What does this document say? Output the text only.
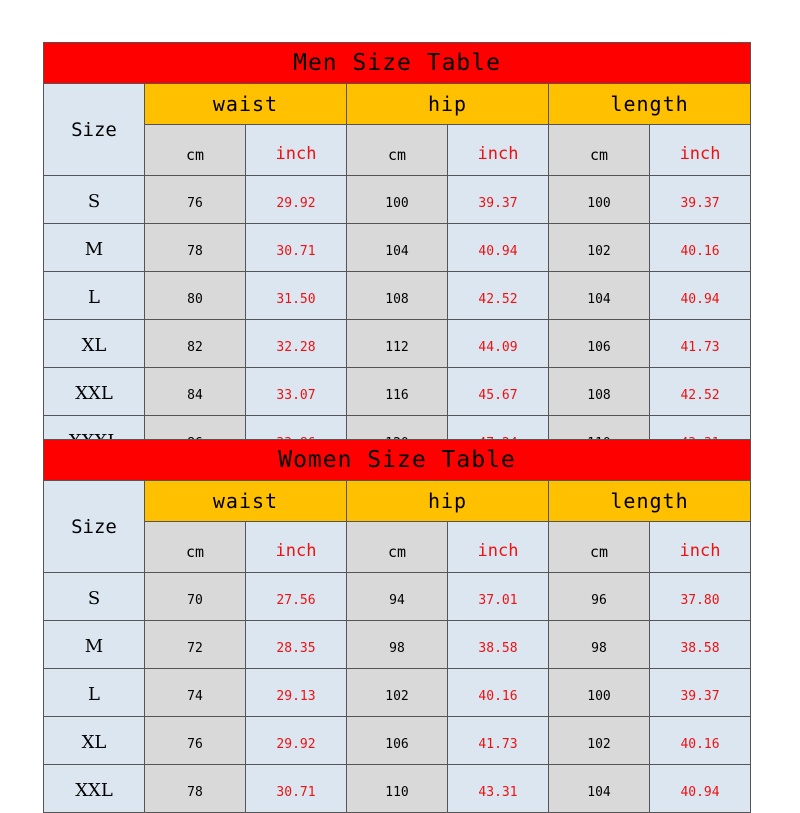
Men Size Table						
Size	waist		hip		length	
	cm	inch	cm	inch	cm	inch
S	76	29.92	100	39.37	100	39.37
M	78	30.71	104	40.94	102	40.16
L	80	31.50	108	42.52	104	40.94
XL	82	32.28	112	44.09	106	41.73
XXL	84	33.07	116	45.67	108	42.52

Women Size Table						
Size	waist		hip		length	
	cm	inch	cm	inch	cm	inch
S	70	27.56	94	37.01	96	37.80
M	72	28.35	98	38.58	98	38.58
L	74	29.13	102	40.16	100	39.37
XL	76	29.92	106	41.73	102	40.16
XXL	78	30.71	110	43.31	104	40.94
